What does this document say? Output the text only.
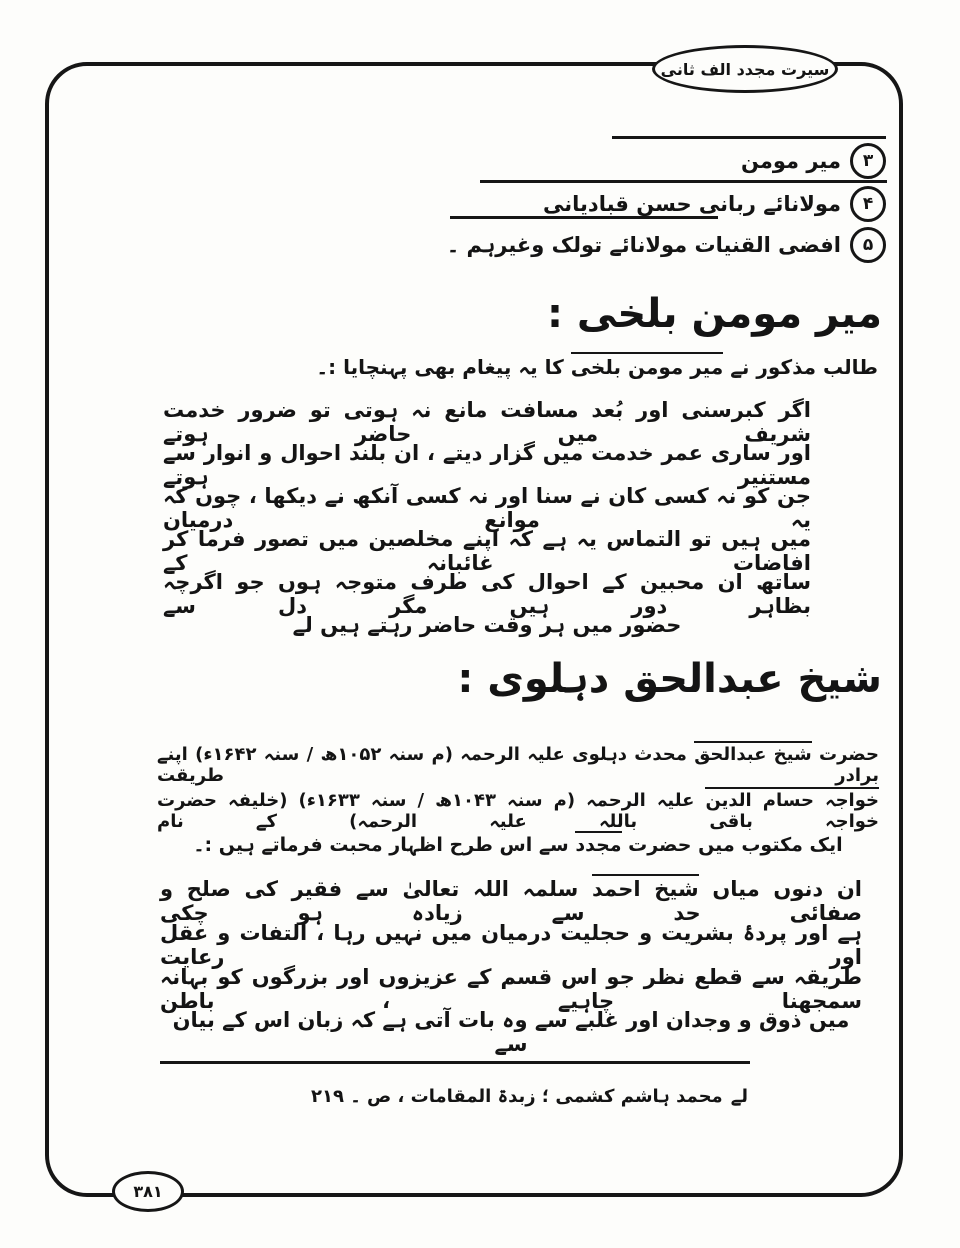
سیرت مجدد الف ثانی
۳
میر مومن
۴
مولانائے ربانی حسن قبادیانی
۵
افضی القنیات مولانائے تولک وغیرہم ۔
میر مومن بلخی :
طالب مذکور نے میر مومن بلخی کا یہ پیغام بھی پہنچایا :۔
اگر کبرسنی اور بُعد مسافت مانع نہ ہوتی تو ضرور خدمت شریف میں حاضر ہوتے
اور ساری عمر خدمت میں گزار دیتے ، ان بلند احوال و انوار سے مستنیر ہوتے
جن کو نہ کسی کان نے سنا اور نہ کسی آنکھ نے دیکھا ، چوں کہ یہ موانع درمیان
میں ہیں تو التماس یہ ہے کہ اپنے مخلصین میں تصور فرما کر افاضات غائبانہ کے
ساتھ ان محبین کے احوال کی طرف متوجہ ہوں جو اگرچہ بظاہر دور ہیں مگر دل سے
حضور میں ہر وقت حاضر رہتے ہیں لے
شیخ عبدالحق دہلوی :
حضرت شیخ عبدالحق محدث دہلوی علیہ الرحمہ (م سنہ ۱۰۵۲ھ / سنہ ۱۶۴۲ء) اپنے برادر طریقت
خواجہ حسام الدین علیہ الرحمہ (م سنہ ۱۰۴۳ھ / سنہ ۱۶۳۳ء) (خلیفہ حضرت خواجہ باقی باللہ علیہ الرحمہ) کے نام
ایک مکتوب میں حضرت مجدد سے اس طرح اظہار محبت فرماتے ہیں :۔
ان دنوں میاں شیخ احمد سلمہ اللہ تعالیٰ سے فقیر کی صلح و صفائی حد سے زیادہ ہو چکی
ہے اور پردۂ بشریت و حجلیت درمیان میں نہیں رہا ، التفات و عقل اور رعایت
طریقہ سے قطع نظر جو اس قسم کے عزیزوں اور بزرگوں کو بہانہ سمجھنا چاہیے ، باطن
میں ذوق و وجدان اور غلبے سے وہ بات آتی ہے کہ زبان اس کے بیان سے
لےمحمد ہاشم کشمی ؛ زبدۃ المقامات ، ص ۔ ۲۱۹
۳۸۱
